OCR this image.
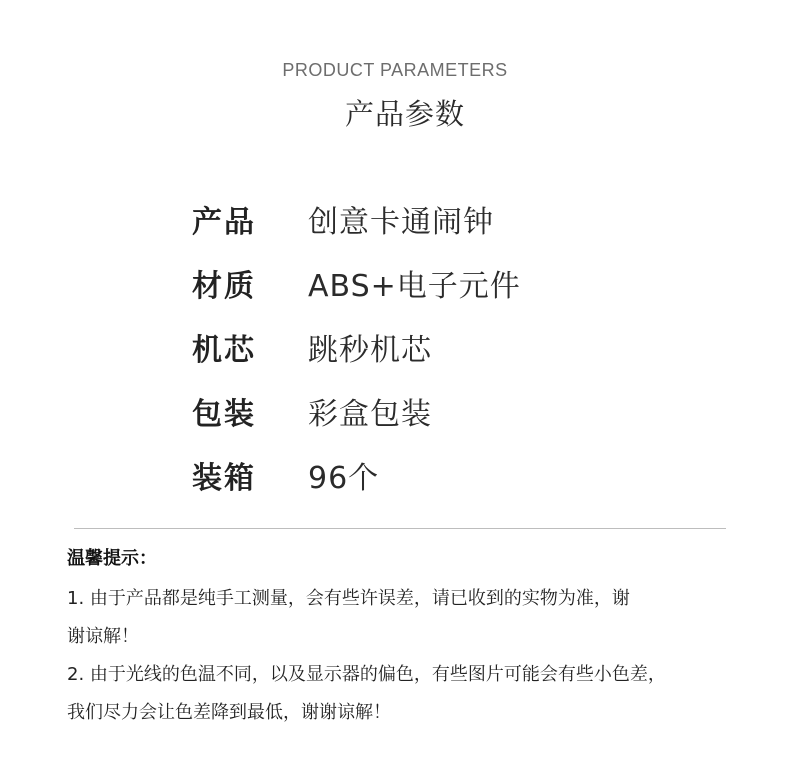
PRODUCT PARAMETERS
产品参数
产品	创意卡通闹钟
材质	ABS+电子元件
机芯	跳秒机芯
包装	彩盒包装
装箱	96个
温馨提示：
1. 由于产品都是纯手工测量，会有些许误差，请已收到的实物为准，谢
谢谅解！
2. 由于光线的色温不同，以及显示器的偏色，有些图片可能会有些小色差，
我们尽力会让色差降到最低，谢谢谅解！
